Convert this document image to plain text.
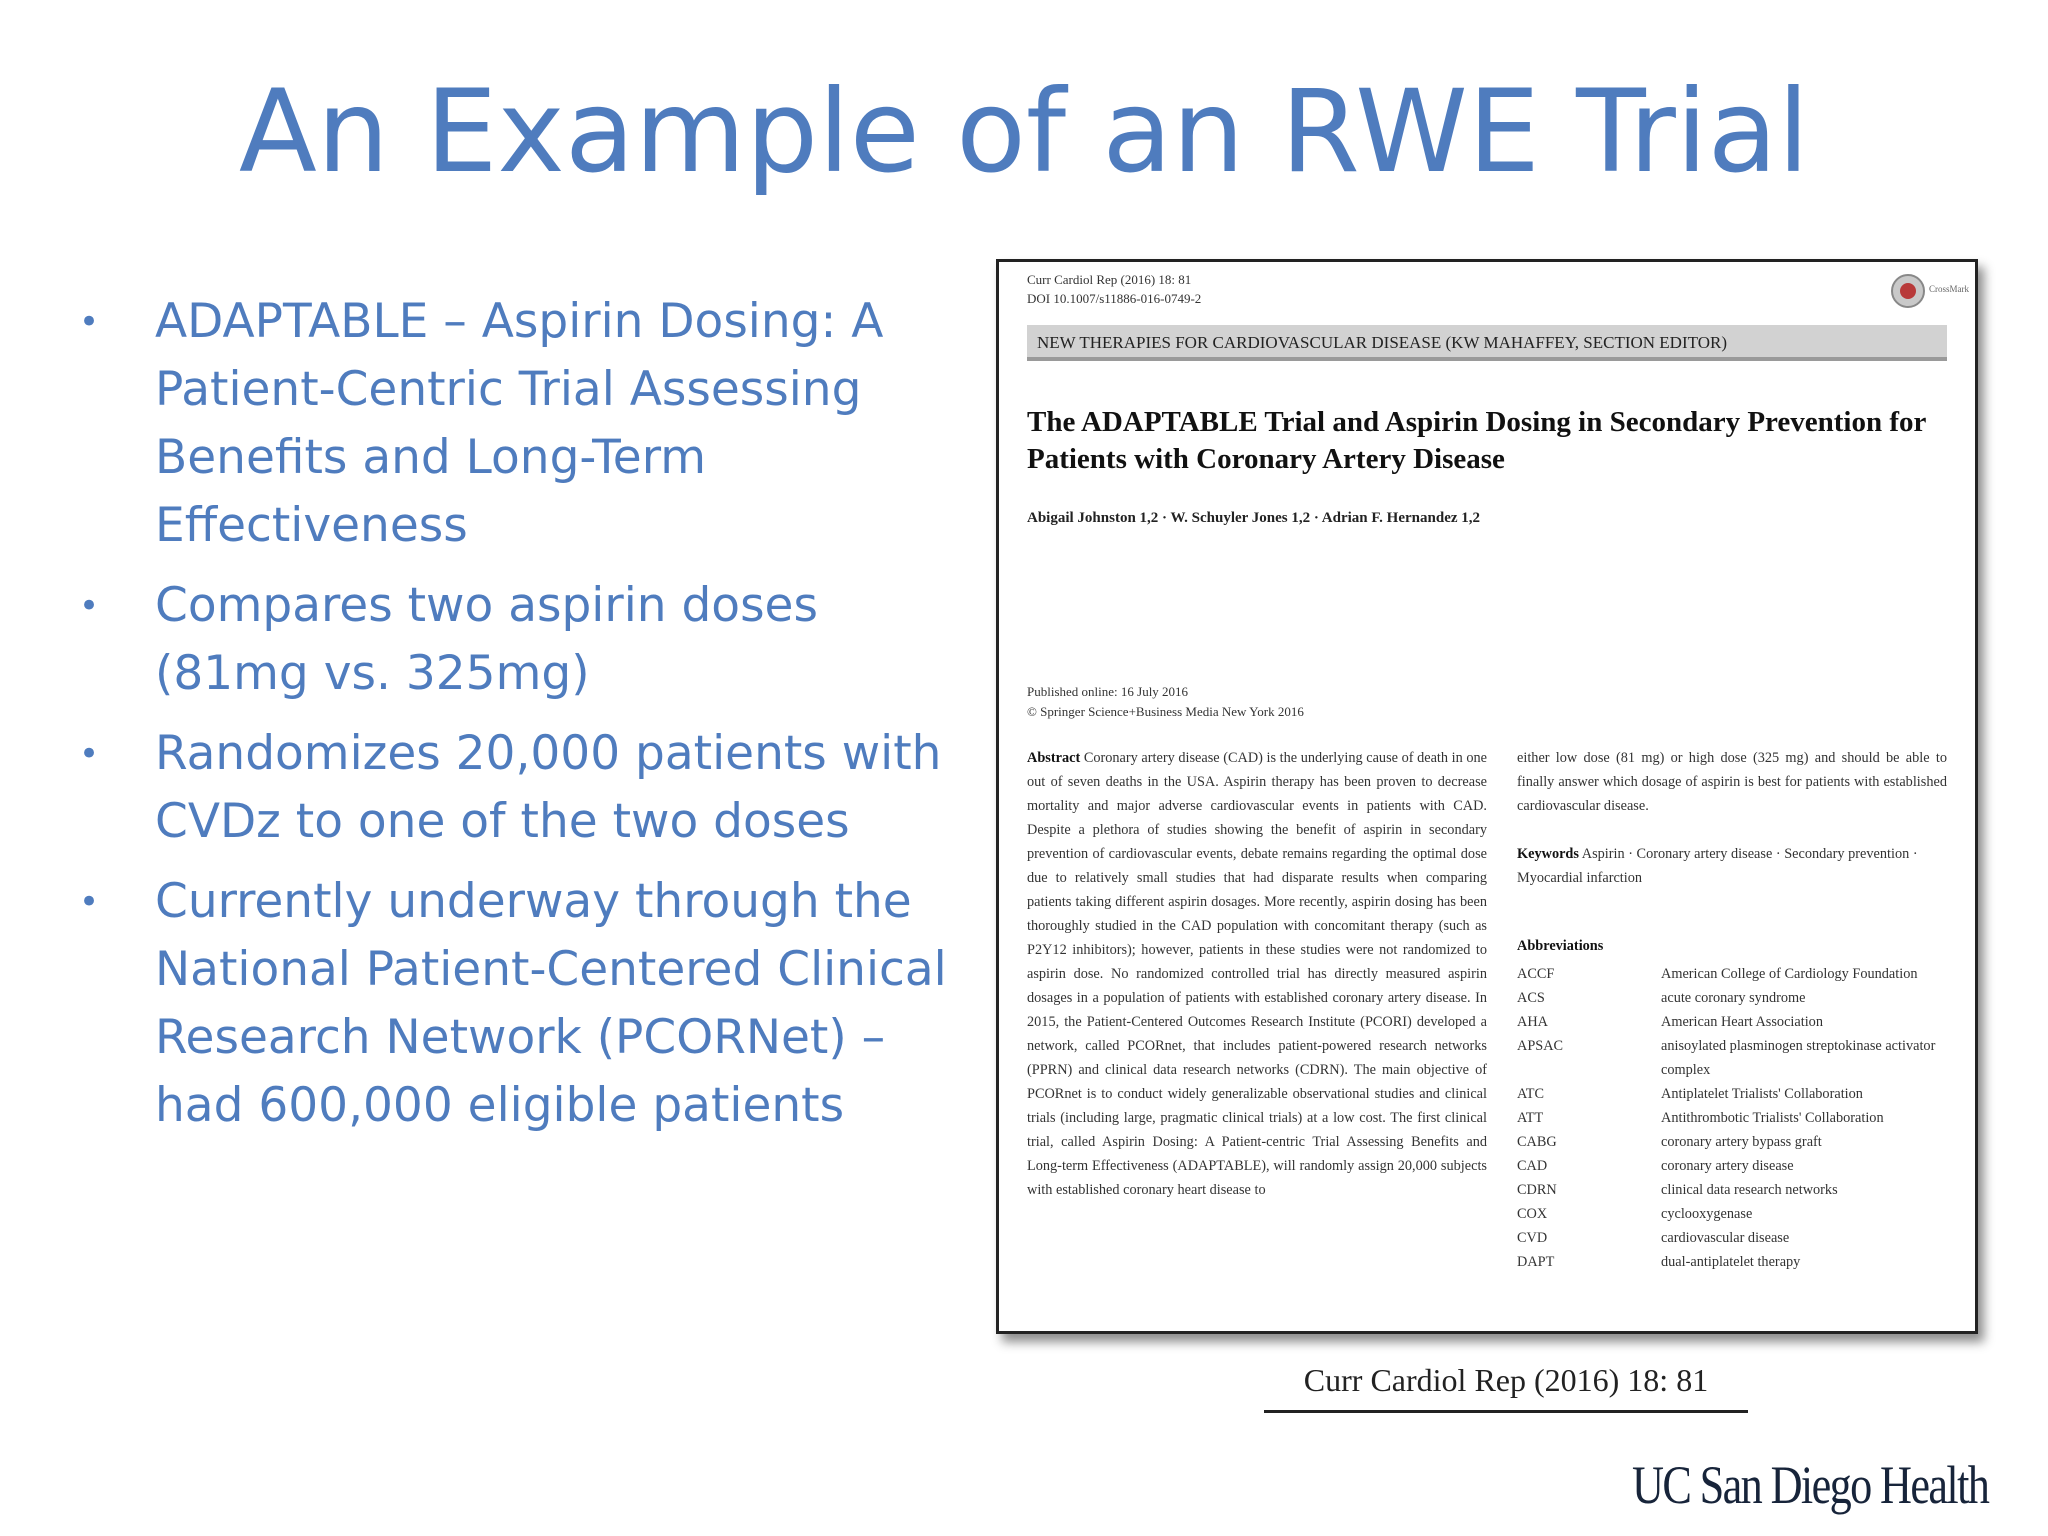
An Example of an RWE Trial
• ADAPTABLE – Aspirin Dosing: A Patient-Centric Trial Assessing Benefits and Long-Term Effectiveness
• Compares two aspirin doses (81mg vs. 325mg)
• Randomizes 20,000 patients with CVDz to one of the two doses
• Currently underway through the National Patient-Centered Clinical Research Network (PCORNet) – had 600,000 eligible patients
Curr Cardiol Rep (2016) 18: 81
DOI 10.1007/s11886-016-0749-2
CrossMark
NEW THERAPIES FOR CARDIOVASCULAR DISEASE (KW MAHAFFEY, SECTION EDITOR)
The ADAPTABLE Trial and Aspirin Dosing in Secondary Prevention for Patients with Coronary Artery Disease
Abigail Johnston 1,2 · W. Schuyler Jones 1,2 · Adrian F. Hernandez 1,2
Published online: 16 July 2016
© Springer Science+Business Media New York 2016
Abstract Coronary artery disease (CAD) is the underlying cause of death in one out of seven deaths in the USA. Aspirin therapy has been proven to decrease mortality and major adverse cardiovascular events in patients with CAD. Despite a plethora of studies showing the benefit of aspirin in secondary prevention of cardiovascular events, debate remains regarding the optimal dose due to relatively small studies that had disparate results when comparing patients taking different aspirin dosages. More recently, aspirin dosing has been thoroughly studied in the CAD population with concomitant therapy (such as P2Y12 inhibitors); however, patients in these studies were not randomized to aspirin dose. No randomized controlled trial has directly measured aspirin dosages in a population of patients with established coronary artery disease. In 2015, the Patient-Centered Outcomes Research Institute (PCORI) developed a network, called PCORnet, that includes patient-powered research networks (PPRN) and clinical data research networks (CDRN). The main objective of PCORnet is to conduct widely generalizable observational studies and clinical trials (including large, pragmatic clinical trials) at a low cost. The first clinical trial, called Aspirin Dosing: A Patient-centric Trial Assessing Benefits and Long-term Effectiveness (ADAPTABLE), will randomly assign 20,000 subjects with established coronary heart disease to
either low dose (81 mg) or high dose (325 mg) and should be able to finally answer which dosage of aspirin is best for patients with established cardiovascular disease.
Keywords Aspirin · Coronary artery disease · Secondary prevention · Myocardial infarction
Abbreviations
ACCF	American College of Cardiology Foundation
ACS	acute coronary syndrome
AHA	American Heart Association
APSAC	anisoylated plasminogen streptokinase activator complex
ATC	Antiplatelet Trialists' Collaboration
ATT	Antithrombotic Trialists' Collaboration
CABG	coronary artery bypass graft
CAD	coronary artery disease
CDRN	clinical data research networks
COX	cyclooxygenase
CVD	cardiovascular disease
DAPT	dual-antiplatelet therapy
Curr Cardiol Rep (2016) 18: 81
UC San Diego Health
